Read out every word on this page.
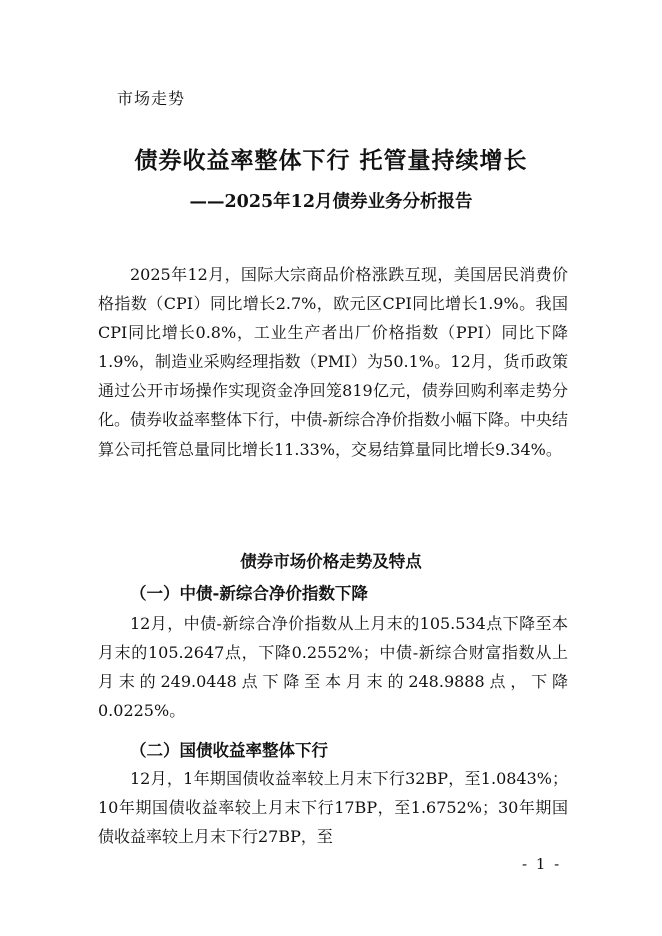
市场走势
债券收益率整体下行 托管量持续增长
——2025年12月债券业务分析报告

2025年12月，国际大宗商品价格涨跌互现，美国居民消费价格指数（CPI）同比增长2.7%，欧元区CPI同比增长1.9%。我国CPI同比增长0.8%，工业生产者出厂价格指数（PPI）同比下降1.9%，制造业采购经理指数（PMI）为50.1%。12月，货币政策通过公开市场操作实现资金净回笼819亿元，债券回购利率走势分化。债券收益率整体下行，中债-新综合净价指数小幅下降。中央结算公司托管总量同比增长11.33%，交易结算量同比增长9.34%。

债券市场价格走势及特点
（一）中债-新综合净价指数下降

12月，中债-新综合净价指数从上月末的105.534点下降至本月末的105.2647点，下降0.2552%；中债-新综合财富指数从上月末的249.0448点下降至本月末的248.9888点，下降0.0225%。

（二）国债收益率整体下行

12月，1年期国债收益率较上月末下行32BP，至1.0843%；10年期国债收益率较上月末下行17BP，至1.6752%；30年期国债收益率较上月末下行27BP，至

- 1 -
